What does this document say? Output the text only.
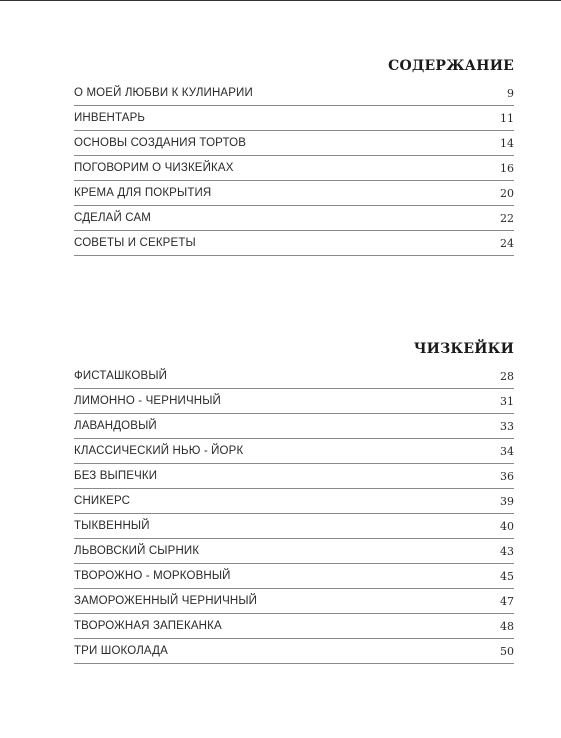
СОДЕРЖАНИЕ
О МОЕЙ ЛЮБВИ К КУЛИНАРИИ	9
ИНВЕНТАРЬ	11
ОСНОВЫ СОЗДАНИЯ ТОРТОВ	14
ПОГОВОРИМ О ЧИЗКЕЙКАХ	16
КРЕМА ДЛЯ ПОКРЫТИЯ	20
СДЕЛАЙ САМ	22
СОВЕТЫ И СЕКРЕТЫ	24
ЧИЗКЕЙКИ
ФИСТАШКОВЫЙ	28
ЛИМОННО - ЧЕРНИЧНЫЙ	31
ЛАВАНДОВЫЙ	33
КЛАССИЧЕСКИЙ НЬЮ - ЙОРК	34
БЕЗ ВЫПЕЧКИ	36
СНИКЕРС	39
ТЫКВЕННЫЙ	40
ЛЬВОВСКИЙ СЫРНИК	43
ТВОРОЖНО - МОРКОВНЫЙ	45
ЗАМОРОЖЕННЫЙ ЧЕРНИЧНЫЙ	47
ТВОРОЖНАЯ ЗАПЕКАНКА	48
ТРИ ШОКОЛАДА	50
